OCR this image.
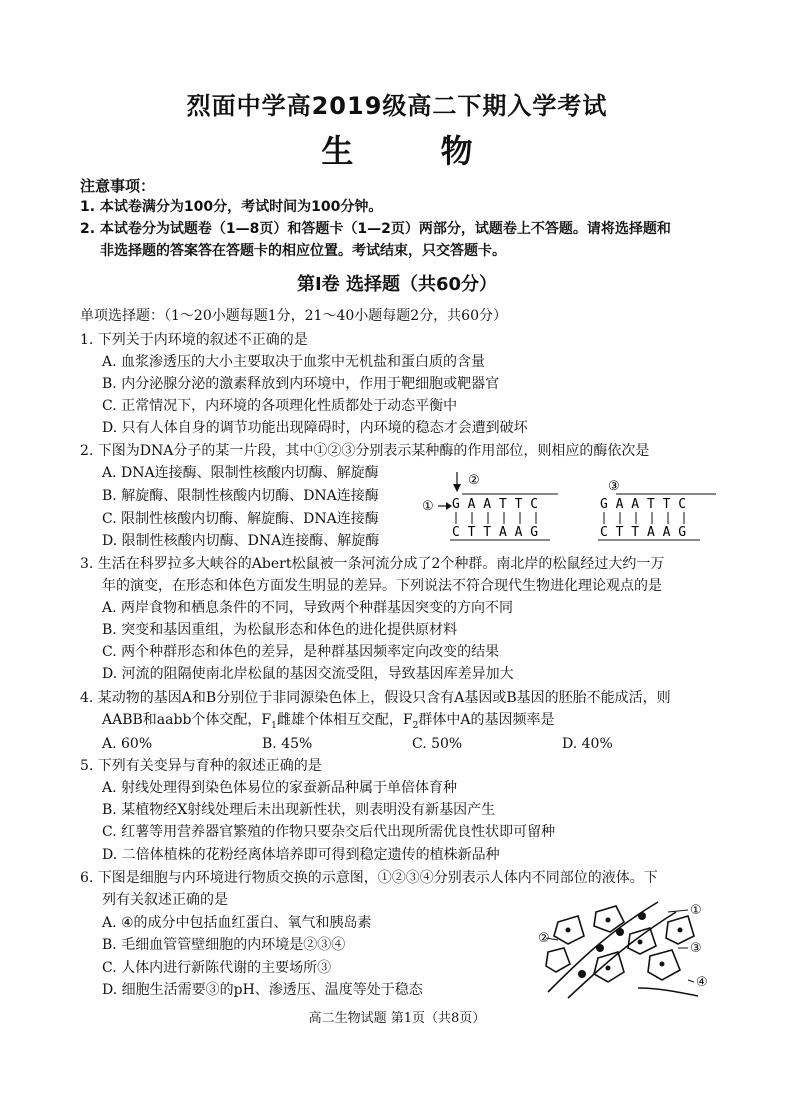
烈面中学高2019级高二下期入学考试
生 物
注意事项：
1. 本试卷满分为100分，考试时间为100分钟。
2. 本试卷分为试题卷（1—8页）和答题卡（1—2页）两部分，试题卷上不答题。请将选择题和
非选择题的答案答在答题卡的相应位置。考试结束，只交答题卡。
第Ⅰ卷 选择题（共60分）
单项选择题：（1～20小题每题1分，21～40小题每题2分，共60分）
1. 下列关于内环境的叙述不正确的是
A. 血浆渗透压的大小主要取决于血浆中无机盐和蛋白质的含量
B. 内分泌腺分泌的激素释放到内环境中，作用于靶细胞或靶器官
C. 正常情况下，内环境的各项理化性质都处于动态平衡中
D. 只有人体自身的调节功能出现障碍时，内环境的稳态才会遭到破坏
2. 下图为DNA分子的某一片段，其中①②③分别表示某种酶的作用部位，则相应的酶依次是
A. DNA连接酶、限制性核酸内切酶、解旋酶
B. 解旋酶、限制性核酸内切酶、DNA连接酶
C. 限制性核酸内切酶、解旋酶、DNA连接酶
D. 限制性核酸内切酶、DNA连接酶、解旋酶
②
G A A T T C
C T T A A G
①
③
G A A T T C
C T T A A G
3. 生活在科罗拉多大峡谷的Abert松鼠被一条河流分成了2个种群。南北岸的松鼠经过大约一万
年的演变，在形态和体色方面发生明显的差异。下列说法不符合现代生物进化理论观点的是
A. 两岸食物和栖息条件的不同，导致两个种群基因突变的方向不同
B. 突变和基因重组，为松鼠形态和体色的进化提供原材料
C. 两个种群形态和体色的差异，是种群基因频率定向改变的结果
D. 河流的阻隔使南北岸松鼠的基因交流受阻，导致基因库差异加大
4. 某动物的基因A和B分别位于非同源染色体上，假设只含有A基因或B基因的胚胎不能成活，则
AABB和aabb个体交配，$F_1$雌雄个体相互交配，$F_2$群体中A的基因频率是
A. 60%	B. 45%	C. 50%	D. 40%
5. 下列有关变异与育种的叙述正确的是
A. 射线处理得到染色体易位的家蚕新品种属于单倍体育种
B. 某植物经X射线处理后未出现新性状，则表明没有新基因产生
C. 红薯等用营养器官繁殖的作物只要杂交后代出现所需优良性状即可留种
D. 二倍体植株的花粉经离体培养即可得到稳定遗传的植株新品种
6. 下图是细胞与内环境进行物质交换的示意图，①②③④分别表示人体内不同部位的液体。下
列有关叙述正确的是
A. ④的成分中包括血红蛋白、氧气和胰岛素
B. 毛细血管管壁细胞的内环境是②③④
C. 人体内进行新陈代谢的主要场所③
D. 细胞生活需要③的pH、渗透压、温度等处于稳态
①
②
③
④
高二生物试题 第1页（共8页）
